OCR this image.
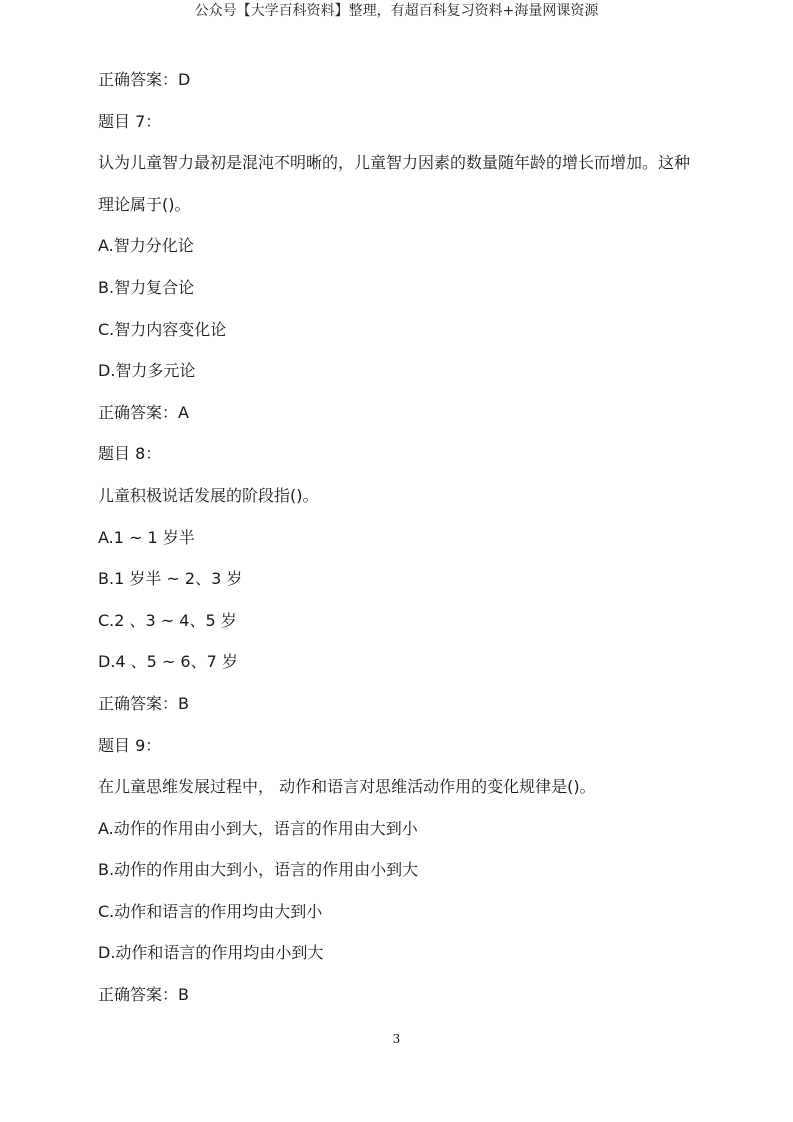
公众号【大学百科资料】整理，有超百科复习资料+海量网课资源
正确答案：D
题目 7：
认为儿童智力最初是混沌不明晰的，儿童智力因素的数量随年龄的增长而增加。这种
理论属于()。
A.智力分化论
B.智力复合论
C.智力内容变化论
D.智力多元论
正确答案：A
题目 8：
儿童积极说话发展的阶段指()。
A.1 ~ 1 岁半
B.1 岁半 ~ 2、3 岁
C.2 、3 ~ 4、5 岁
D.4 、5 ~ 6、7 岁
正确答案：B
题目 9：
在儿童思维发展过程中， 动作和语言对思维活动作用的变化规律是()。
A.动作的作用由小到大，语言的作用由大到小
B.动作的作用由大到小，语言的作用由小到大
C.动作和语言的作用均由大到小
D.动作和语言的作用均由小到大
正确答案：B
3
